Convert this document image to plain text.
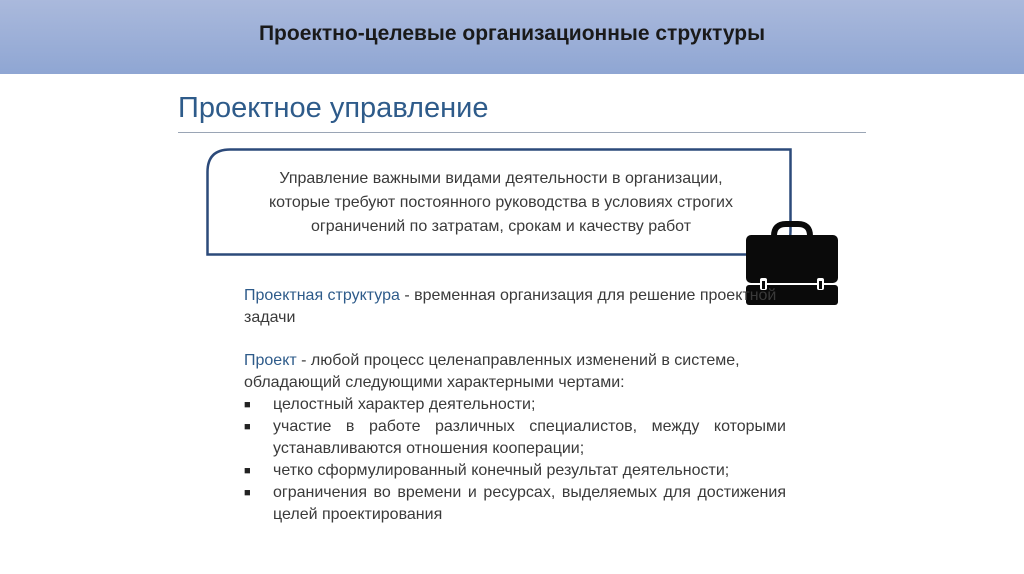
Проектно-целевые организационные структуры
Проектное управление
Управление важными видами деятельности в организации,
которые требуют постоянного руководства в условиях строгих
ограничений по затратам, срокам и качеству работ
Проектная структура - временная организация для решение проектной задачи
Проект - любой процесс целенаправленных изменений в системе, обладающий следующими характерными чертами:
■ целостный характер деятельности;
■ участие в работе различных специалистов, между которыми устанавливаются отношения кооперации;
■ четко сформулированный конечный результат деятельности;
■ ограничения во времени и ресурсах, выделяемых для достижения целей проектирования
